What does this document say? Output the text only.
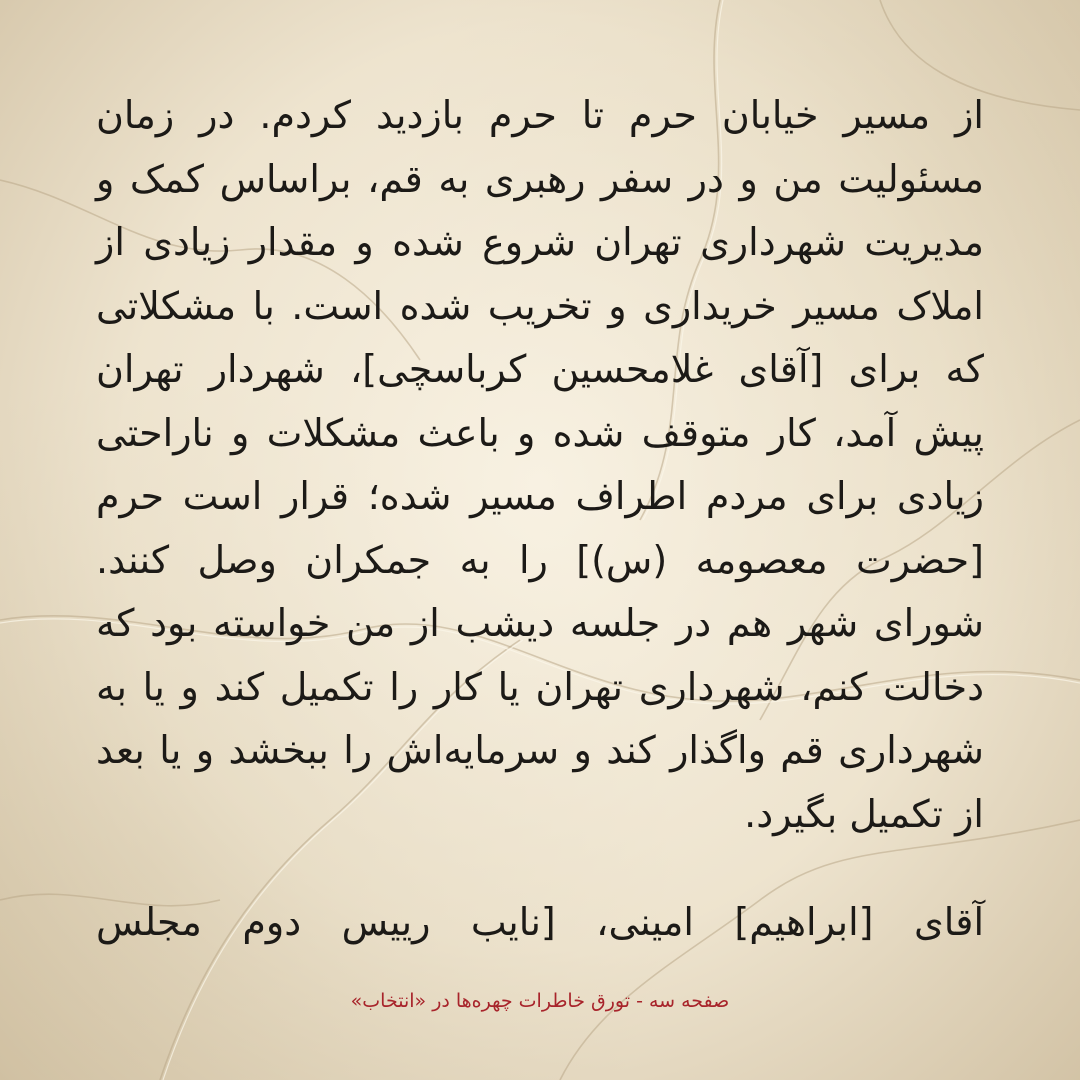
از مسیر خیابان حرم تا حرم بازدید کردم. در زمان مسئولیت من و در سفر رهبری به قم، براساس کمک و مدیریت شهرداری تهران شروع شده و مقدار زیادی از املاک مسیر خریداری و تخریب شده است. با مشکلاتی که برای [آقای غلامحسین کرباسچی]، شهردار تهران پیش آمد، کار متوقف شده و باعث مشکلات و ناراحتی زیادی برای مردم اطراف مسیر شده؛ قرار است حرم [حضرت معصومه (س)] را به جمکران وصل کنند. شورای شهر هم در جلسه دیشب از من خواسته بود که دخالت کنم، شهرداری تهران یا کار را تکمیل کند و یا به شهرداری قم واگذار کند و سرمایه‌اش را ببخشد و یا بعد از تکمیل بگیرد.

آقای [ابراهیم] امینی، [نایب رییس دوم مجلس

صفحه سه - تورق خاطرات چهره‌ها در «انتخاب»
